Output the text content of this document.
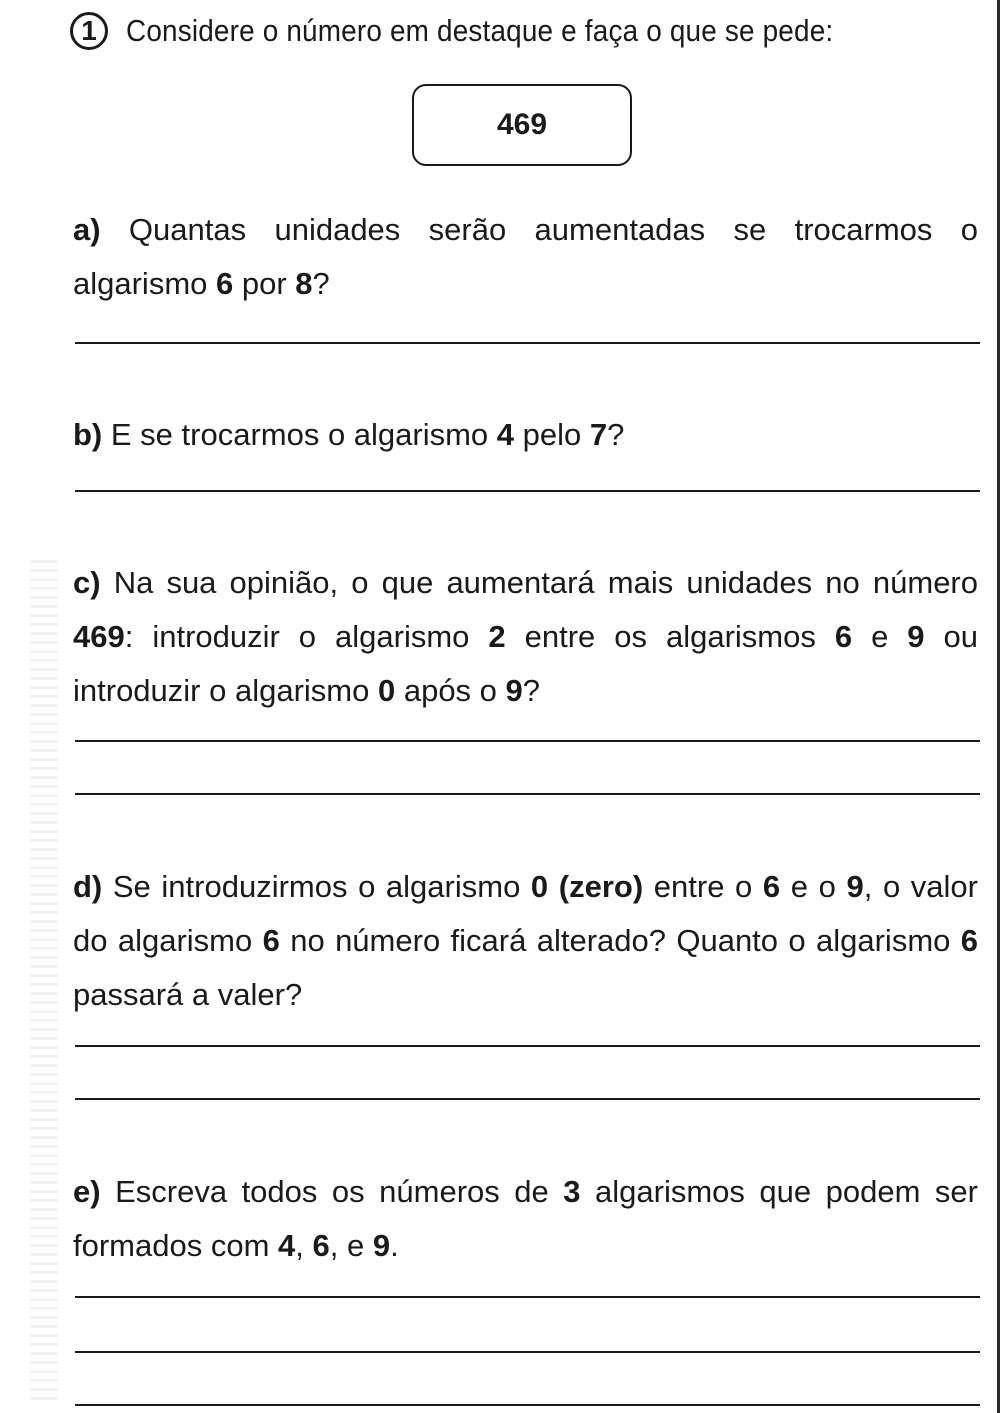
1 Considere o número em destaque e faça o que se pede:
469
a) Quantas unidades serão aumentadas se trocarmos o algarismo 6 por 8?
b) E se trocarmos o algarismo 4 pelo 7?
c) Na sua opinião, o que aumentará mais unidades no número 469: introduzir o algarismo 2 entre os algarismos 6 e 9 ou introduzir o algarismo 0 após o 9?
d) Se introduzirmos o algarismo 0 (zero) entre o 6 e o 9, o valor do algarismo 6 no número ficará alterado? Quanto o algarismo 6 passará a valer?
e) Escreva todos os números de 3 algarismos que podem ser formados com 4, 6, e 9.
